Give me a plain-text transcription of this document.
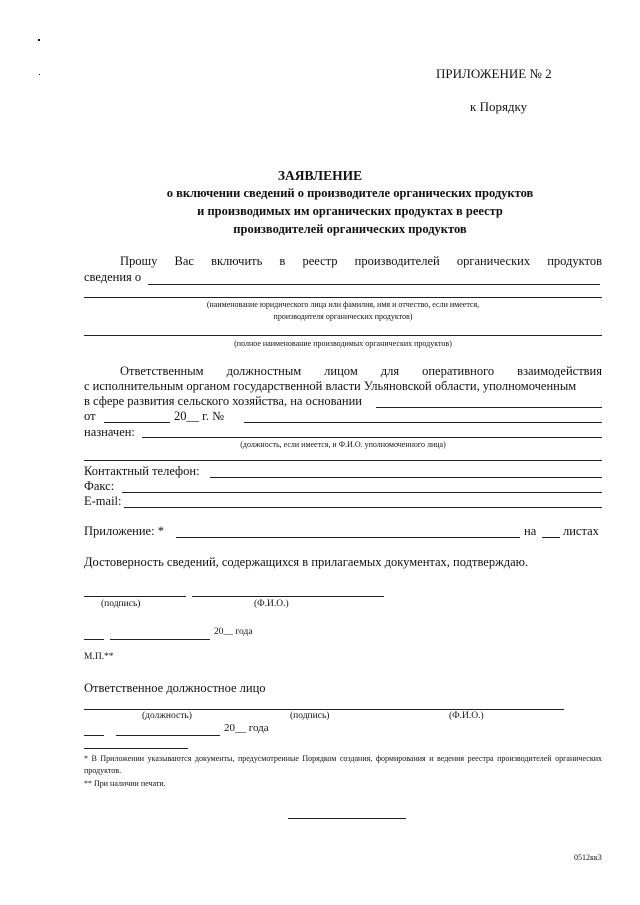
ПРИЛОЖЕНИЕ № 2
к Порядку
ЗАЯВЛЕНИЕ
о включении сведений о производителе органических продуктов
и производимых им органических продуктах в реестр
производителей органических продуктов
Прошу Вас включить в реестр производителей органических продуктов
сведения о
(наименование юридического лица или фамилия, имя и отчество, если имеется,
производителя органических продуктов)
(полное наименование производимых органических продуктов)
Ответственным должностным лицом для оперативного взаимодействия
с исполнительным органом государственной власти Ульяновской области, уполномоченным
в сфере развития сельского хозяйства, на основании
от	20__ г. №
назначен:
(должность, если имеется, и Ф.И.О. уполномоченного лица)
Контактный телефон:
Факс:
E-mail:
Приложение: *	на листах
Достоверность сведений, содержащихся в прилагаемых документах, подтверждаю.
(подпись)	(Ф.И.О.)
20__ года
М.П.**
Ответственное должностное лицо
(должность)	(подпись)	(Ф.И.О.)
20__ года
* В Приложении указываются документы, предусмотренные Порядком создания, формирования и ведения реестра производителей органических продуктов.
** При наличии печати.
0512кк3
